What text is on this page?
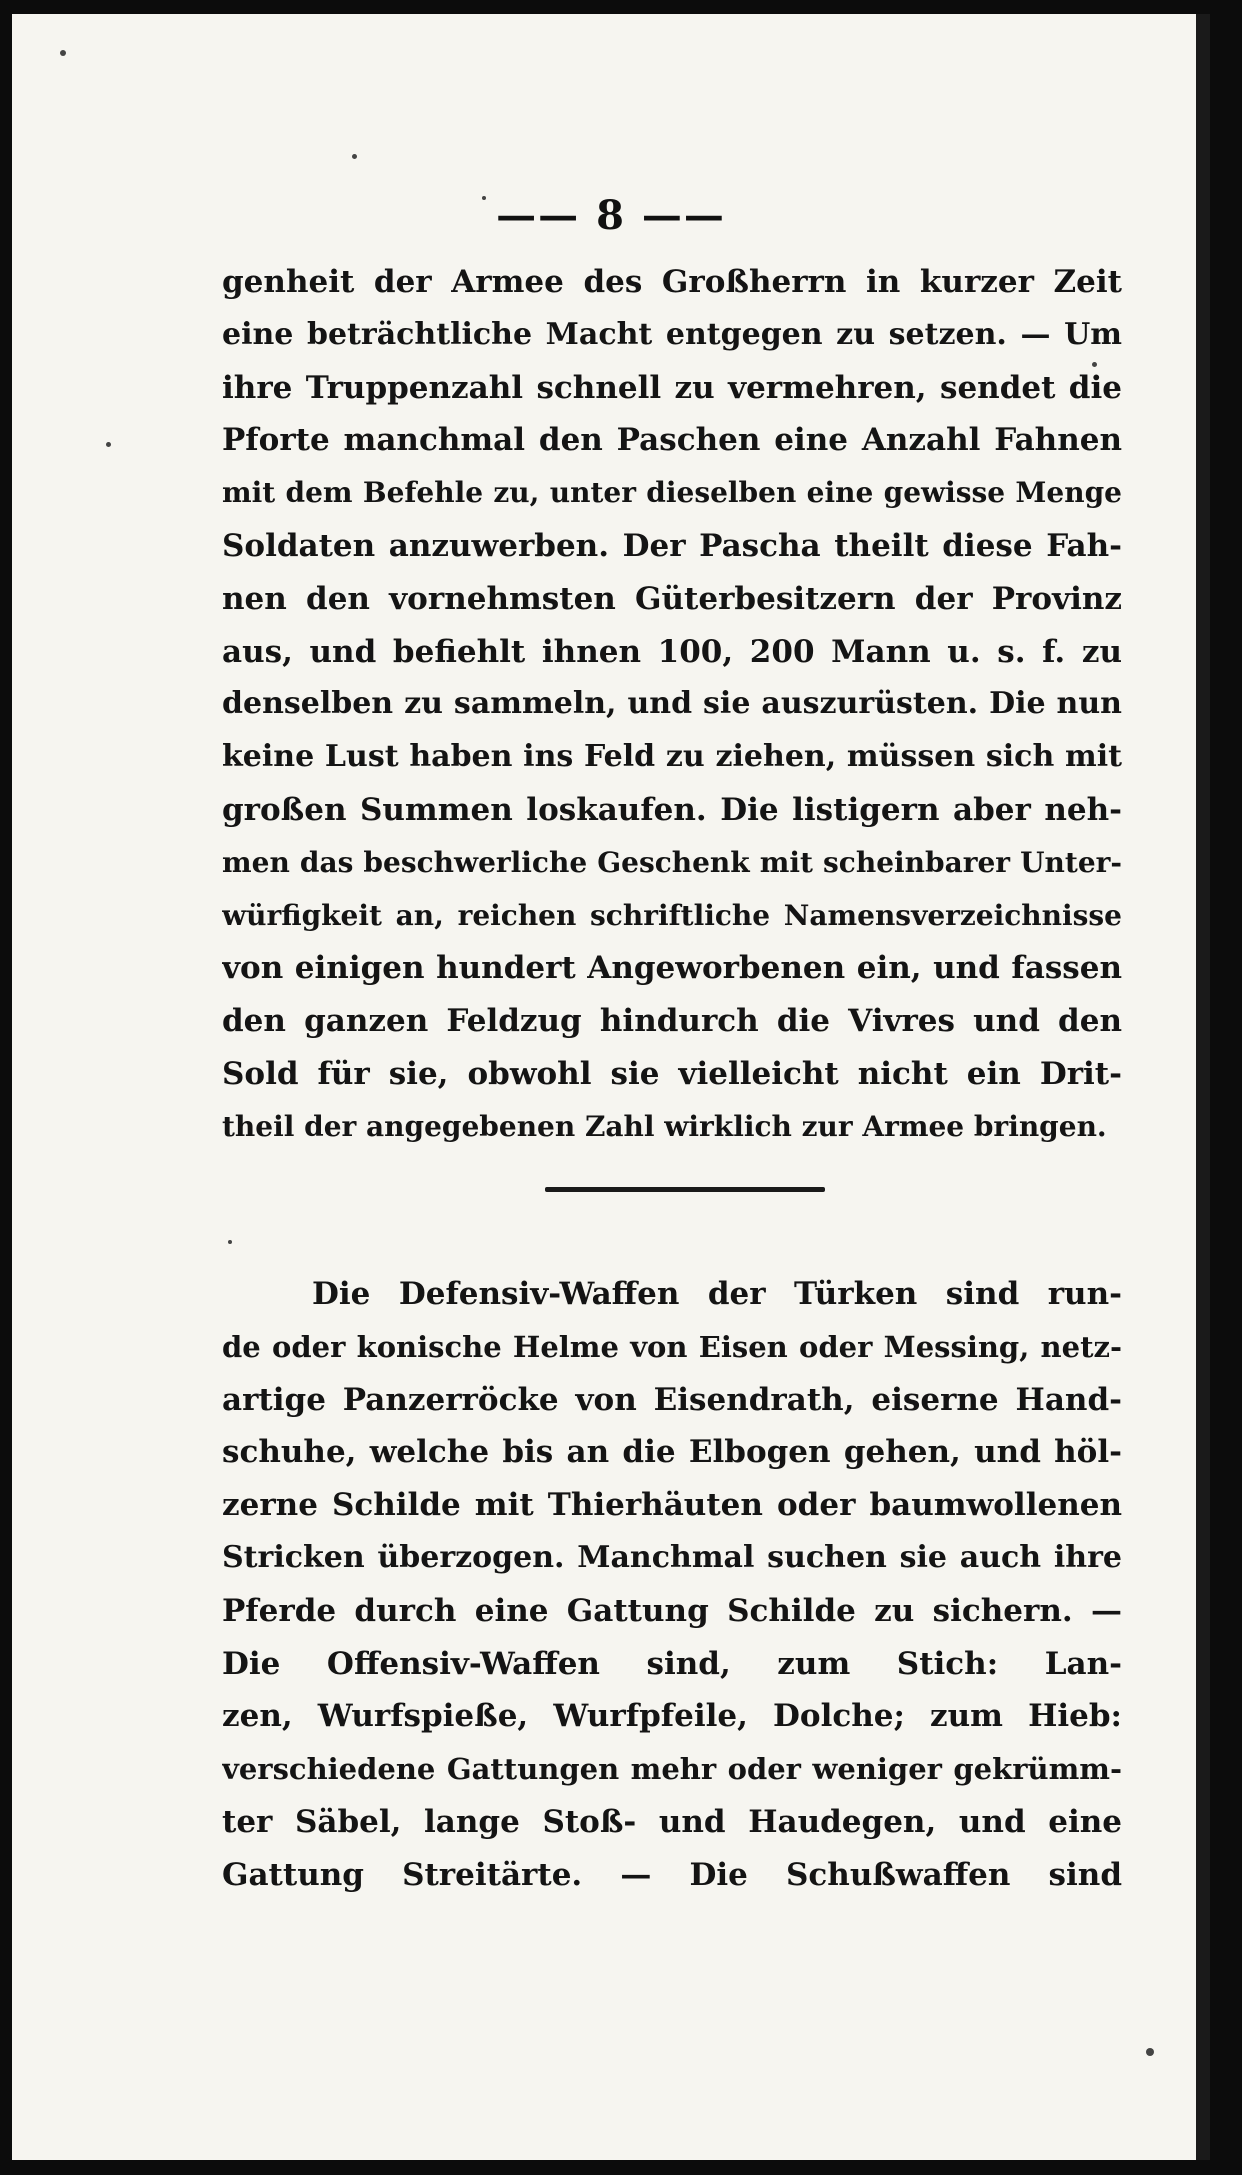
—— 8 ——
genheit der Armee des Großherrn in kurzer Zeit
eine beträchtliche Macht entgegen zu setzen. — Um
ihre Truppenzahl schnell zu vermehren, sendet die
Pforte manchmal den Paschen eine Anzahl Fahnen
mit dem Befehle zu, unter dieselben eine gewisse Menge
Soldaten anzuwerben. Der Pascha theilt diese Fah-
nen den vornehmsten Güterbesitzern der Provinz
aus, und befiehlt ihnen 100, 200 Mann u. s. f. zu
denselben zu sammeln, und sie auszurüsten. Die nun
keine Lust haben ins Feld zu ziehen, müssen sich mit
großen Summen loskaufen. Die listigern aber neh-
men das beschwerliche Geschenk mit scheinbarer Unter-
würfigkeit an, reichen schriftliche Namensverzeichnisse
von einigen hundert Angeworbenen ein, und fassen
den ganzen Feldzug hindurch die Vivres und den
Sold für sie, obwohl sie vielleicht nicht ein Drit-
theil der angegebenen Zahl wirklich zur Armee bringen.
Die Defensiv-Waffen der Türken sind run-
de oder konische Helme von Eisen oder Messing, netz-
artige Panzerröcke von Eisendrath, eiserne Hand-
schuhe, welche bis an die Elbogen gehen, und höl-
zerne Schilde mit Thierhäuten oder baumwollenen
Stricken überzogen. Manchmal suchen sie auch ihre
Pferde durch eine Gattung Schilde zu sichern. —
Die Offensiv-Waffen sind, zum Stich: Lan-
zen, Wurfspieße, Wurfpfeile, Dolche; zum Hieb:
verschiedene Gattungen mehr oder weniger gekrümm-
ter Säbel, lange Stoß- und Haudegen, und eine
Gattung Streitärte. — Die Schußwaffen sind
